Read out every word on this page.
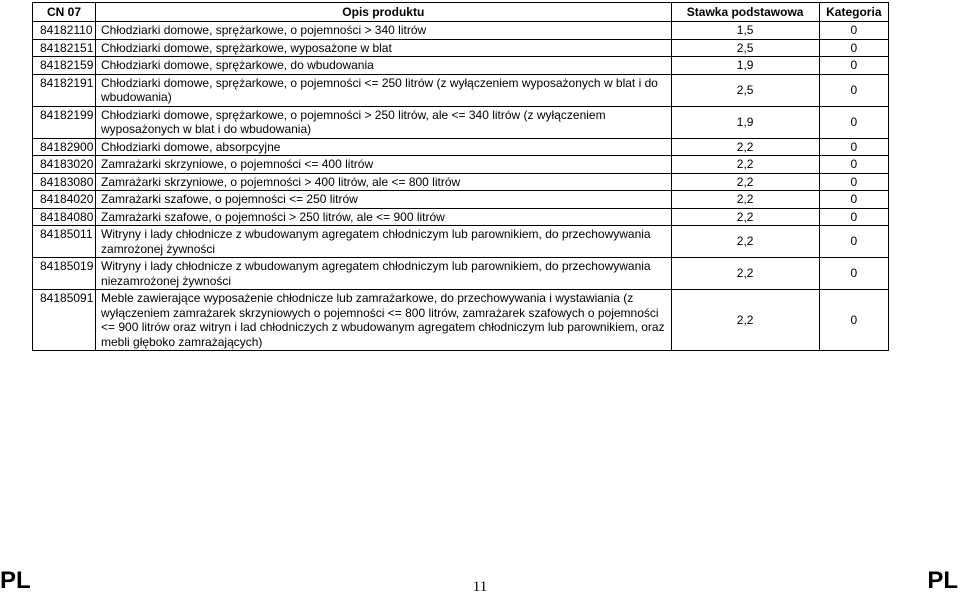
CN 07	Opis produktu	Stawka podstawowa	Kategoria
84182110	Chłodziarki domowe, sprężarkowe, o pojemności > 340 litrów	1,5	0
84182151	Chłodziarki domowe, sprężarkowe, wyposażone w blat	2,5	0
84182159	Chłodziarki domowe, sprężarkowe, do wbudowania	1,9	0
84182191	Chłodziarki domowe, sprężarkowe, o pojemności <= 250 litrów (z wyłączeniem wyposażonych w blat i do wbudowania)	2,5	0
84182199	Chłodziarki domowe, sprężarkowe, o pojemności > 250 litrów, ale <= 340 litrów (z wyłączeniem wyposażonych w blat i do wbudowania)	1,9	0
84182900	Chłodziarki domowe, absorpcyjne	2,2	0
84183020	Zamrażarki skrzyniowe, o pojemności <= 400 litrów	2,2	0
84183080	Zamrażarki skrzyniowe, o pojemności > 400 litrów, ale <= 800 litrów	2,2	0
84184020	Zamrażarki szafowe, o pojemności <= 250 litrów	2,2	0
84184080	Zamrażarki szafowe, o pojemności > 250 litrów, ale <= 900 litrów	2,2	0
84185011	Witryny i lady chłodnicze z wbudowanym agregatem chłodniczym lub parownikiem, do przechowywania zamrożonej żywności	2,2	0
84185019	Witryny i lady chłodnicze z wbudowanym agregatem chłodniczym lub parownikiem, do przechowywania niezamrożonej żywności	2,2	0
84185091	Meble zawierające wyposażenie chłodnicze lub zamrażarkowe, do przechowywania i wystawiania (z wyłączeniem zamrażarek skrzyniowych o pojemności <= 800 litrów, zamrażarek szafowych o pojemności <= 900 litrów oraz witryn i lad chłodniczych z wbudowanym agregatem chłodniczym lub parownikiem, oraz mebli głęboko zamrażających)	2,2	0
PL	11	PL
